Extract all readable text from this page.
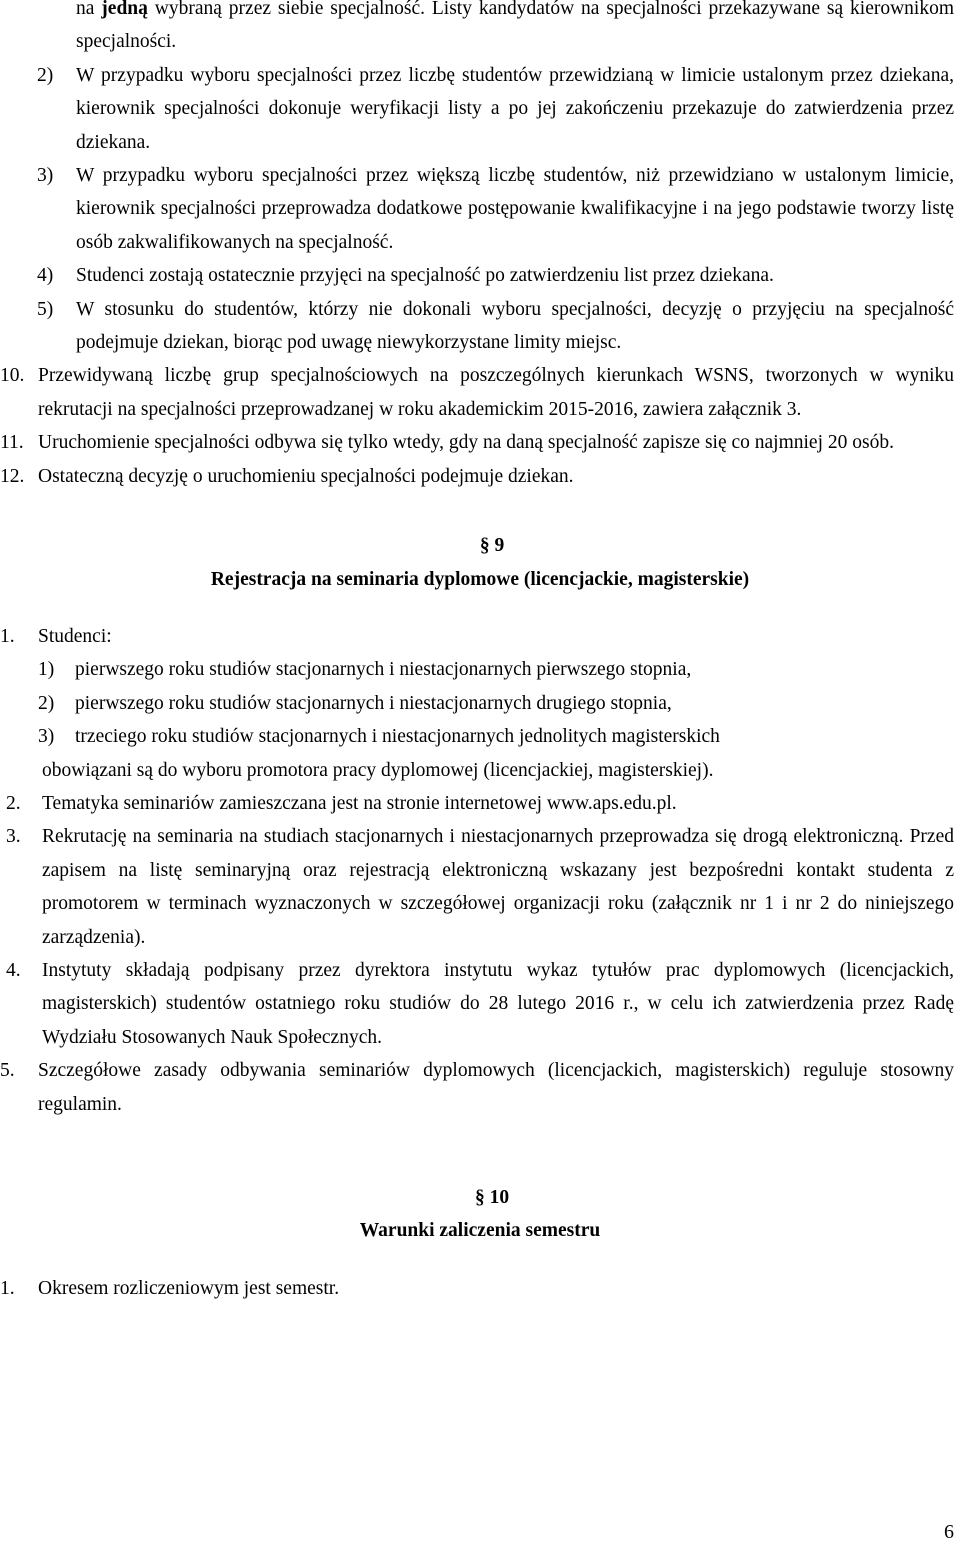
na jedną wybraną przez siebie specjalność. Listy kandydatów na specjalności przekazywane są kierownikom specjalności.
2) W przypadku wyboru specjalności przez liczbę studentów przewidzianą w limicie ustalonym przez dziekana, kierownik specjalności dokonuje weryfikacji listy a po jej zakończeniu przekazuje do zatwierdzenia przez dziekana.
3) W przypadku wyboru specjalności przez większą liczbę studentów, niż przewidziano w ustalonym limicie, kierownik specjalności przeprowadza dodatkowe postępowanie kwalifikacyjne i na jego podstawie tworzy listę osób zakwalifikowanych na specjalność.
4) Studenci zostają ostatecznie przyjęci na specjalność po zatwierdzeniu list przez dziekana.
5) W stosunku do studentów, którzy nie dokonali wyboru specjalności, decyzję o przyjęciu na specjalność podejmuje dziekan, biorąc pod uwagę niewykorzystane limity miejsc.
10. Przewidywaną liczbę grup specjalnościowych na poszczególnych kierunkach WSNS, tworzonych w wyniku rekrutacji na specjalności przeprowadzanej w roku akademickim 2015-2016, zawiera załącznik 3.
11. Uruchomienie specjalności odbywa się tylko wtedy, gdy na daną specjalność zapisze się co najmniej 20 osób.
12. Ostateczną decyzję o uruchomieniu specjalności podejmuje dziekan.
§ 9
Rejestracja na seminaria dyplomowe (licencjackie, magisterskie)
1. Studenci:
1)	pierwszego roku studiów stacjonarnych i niestacjonarnych pierwszego stopnia,
2)	pierwszego roku studiów stacjonarnych i niestacjonarnych drugiego stopnia,
3)	trzeciego roku studiów stacjonarnych i niestacjonarnych jednolitych magisterskich
obowiązani są do wyboru promotora pracy dyplomowej (licencjackiej, magisterskiej).
2. Tematyka seminariów zamieszczana jest na stronie internetowej www.aps.edu.pl.
3. Rekrutację na seminaria na studiach stacjonarnych i niestacjonarnych przeprowadza się drogą elektroniczną. Przed zapisem na listę seminaryjną oraz rejestracją elektroniczną wskazany jest bezpośredni kontakt studenta z promotorem w terminach wyznaczonych w szczegółowej organizacji roku (załącznik nr 1 i nr 2 do niniejszego zarządzenia).
4. Instytuty składają podpisany przez dyrektora instytutu wykaz tytułów prac dyplomowych (licencjackich, magisterskich) studentów ostatniego roku studiów do 28 lutego 2016 r., w celu ich zatwierdzenia przez Radę Wydziału Stosowanych Nauk Społecznych.
5. Szczegółowe zasady odbywania seminariów dyplomowych (licencjackich, magisterskich) reguluje stosowny regulamin.
§ 10
Warunki zaliczenia semestru
1. Okresem rozliczeniowym jest semestr.
6
